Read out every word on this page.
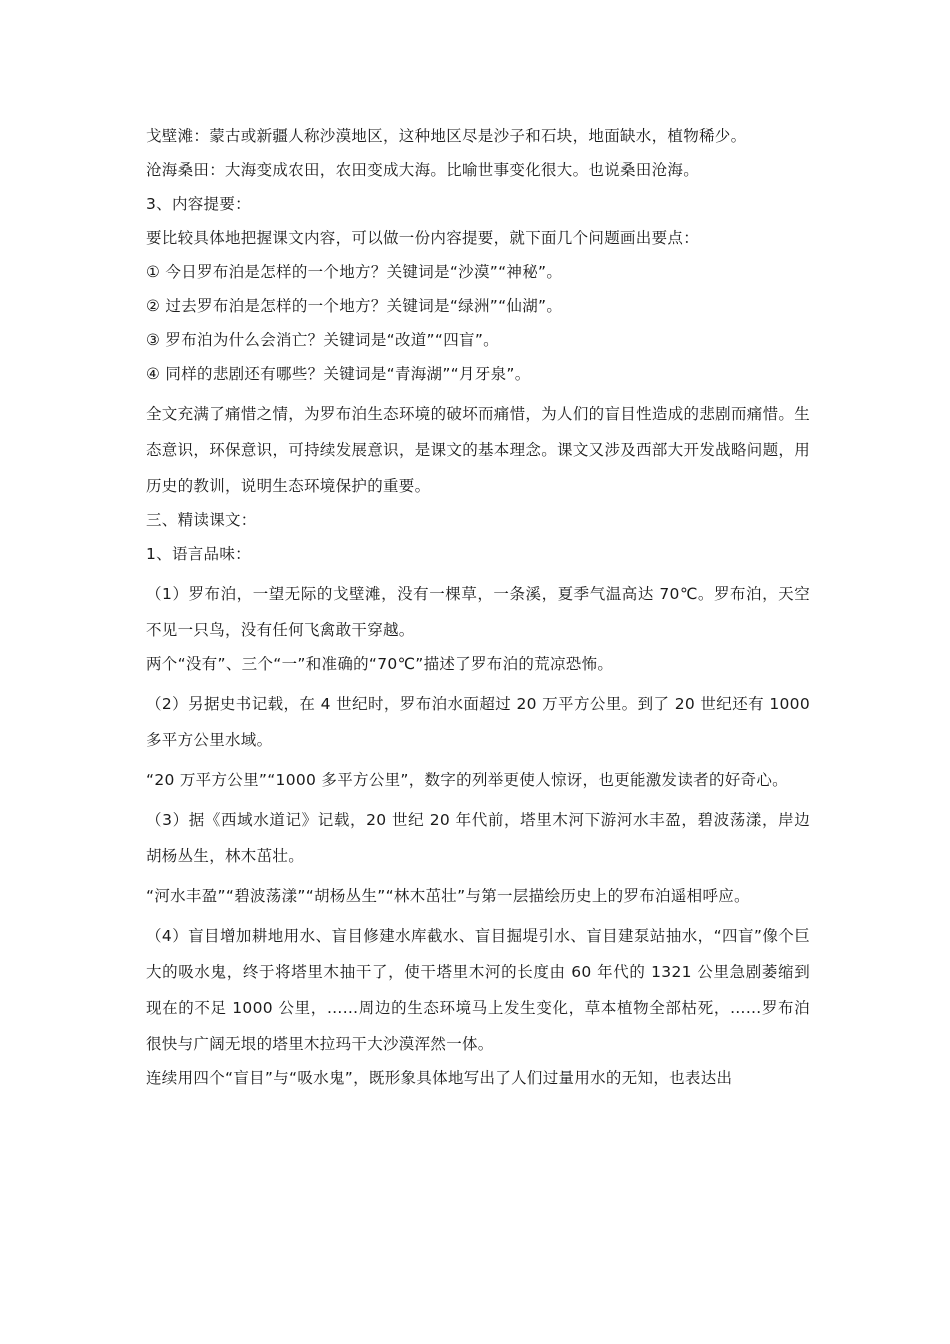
戈壁滩：蒙古或新疆人称沙漠地区，这种地区尽是沙子和石块，地面缺水，植物稀少。

沧海桑田：大海变成农田，农田变成大海。比喻世事变化很大。也说桑田沧海。

3、内容提要：

要比较具体地把握课文内容，可以做一份内容提要，就下面几个问题画出要点：

① 今日罗布泊是怎样的一个地方？关键词是“沙漠”“神秘”。

② 过去罗布泊是怎样的一个地方？关键词是“绿洲”“仙湖”。

③ 罗布泊为什么会消亡？关键词是“改道”“四盲”。

④ 同样的悲剧还有哪些？关键词是“青海湖”“月牙泉”。

全文充满了痛惜之情，为罗布泊生态环境的破坏而痛惜，为人们的盲目性造成的悲剧而痛惜。生态意识，环保意识，可持续发展意识，是课文的基本理念。课文又涉及西部大开发战略问题，用历史的教训，说明生态环境保护的重要。

三、精读课文：

1、语言品味：

（1）罗布泊，一望无际的戈壁滩，没有一棵草，一条溪，夏季气温高达 70℃。罗布泊，天空不见一只鸟，没有任何飞禽敢干穿越。

两个“没有”、三个“一”和准确的“70℃”描述了罗布泊的荒凉恐怖。

（2）另据史书记载，在 4 世纪时，罗布泊水面超过 20 万平方公里。到了 20 世纪还有 1000 多平方公里水域。

“20 万平方公里”“1000 多平方公里”，数字的列举更使人惊讶，也更能激发读者的好奇心。

（3）据《西域水道记》记载，20 世纪 20 年代前，塔里木河下游河水丰盈，碧波荡漾，岸边胡杨丛生，林木茁壮。

“河水丰盈”“碧波荡漾”“胡杨丛生”“林木茁壮”与第一层描绘历史上的罗布泊遥相呼应。

（4）盲目增加耕地用水、盲目修建水库截水、盲目掘堤引水、盲目建泵站抽水，“四盲”像个巨大的吸水鬼，终于将塔里木抽干了，使干塔里木河的长度由 60 年代的 1321 公里急剧萎缩到现在的不足 1000 公里，……周边的生态环境马上发生变化，草本植物全部枯死，……罗布泊很快与广阔无垠的塔里木拉玛干大沙漠浑然一体。

连续用四个“盲目”与“吸水鬼”，既形象具体地写出了人们过量用水的无知，也表达出
